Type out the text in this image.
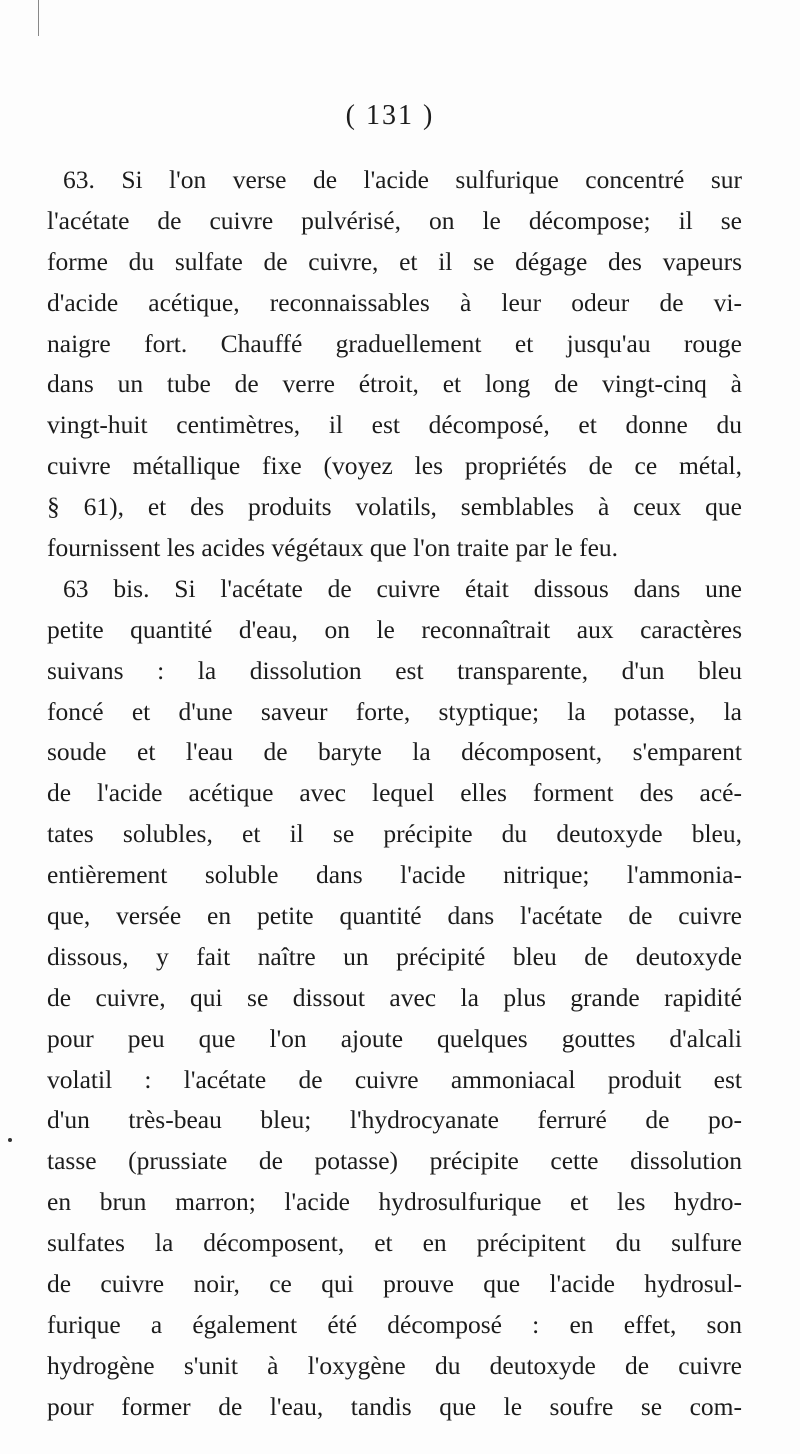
( 131 )
63. Si l'on verse de l'acide sulfurique concentré sur
l'acétate de cuivre pulvérisé, on le décompose; il se
forme du sulfate de cuivre, et il se dégage des vapeurs
d'acide acétique, reconnaissables à leur odeur de vi-
naigre fort. Chauffé graduellement et jusqu'au rouge
dans un tube de verre étroit, et long de vingt-cinq à
vingt-huit centimètres, il est décomposé, et donne du
cuivre métallique fixe (voyez les propriétés de ce métal,
§ 61), et des produits volatils, semblables à ceux que
fournissent les acides végétaux que l'on traite par le feu.
63 bis. Si l'acétate de cuivre était dissous dans une
petite quantité d'eau, on le reconnaîtrait aux caractères
suivans : la dissolution est transparente, d'un bleu
foncé et d'une saveur forte, styptique; la potasse, la
soude et l'eau de baryte la décomposent, s'emparent
de l'acide acétique avec lequel elles forment des acé-
tates solubles, et il se précipite du deutoxyde bleu,
entièrement soluble dans l'acide nitrique; l'ammonia-
que, versée en petite quantité dans l'acétate de cuivre
dissous, y fait naître un précipité bleu de deutoxyde
de cuivre, qui se dissout avec la plus grande rapidité
pour peu que l'on ajoute quelques gouttes d'alcali
volatil : l'acétate de cuivre ammoniacal produit est
d'un très-beau bleu; l'hydrocyanate ferruré de po-
tasse (prussiate de potasse) précipite cette dissolution
en brun marron; l'acide hydrosulfurique et les hydro-
sulfates la décomposent, et en précipitent du sulfure
de cuivre noir, ce qui prouve que l'acide hydrosul-
furique a également été décomposé : en effet, son
hydrogène s'unit à l'oxygène du deutoxyde de cuivre
pour former de l'eau, tandis que le soufre se com-
